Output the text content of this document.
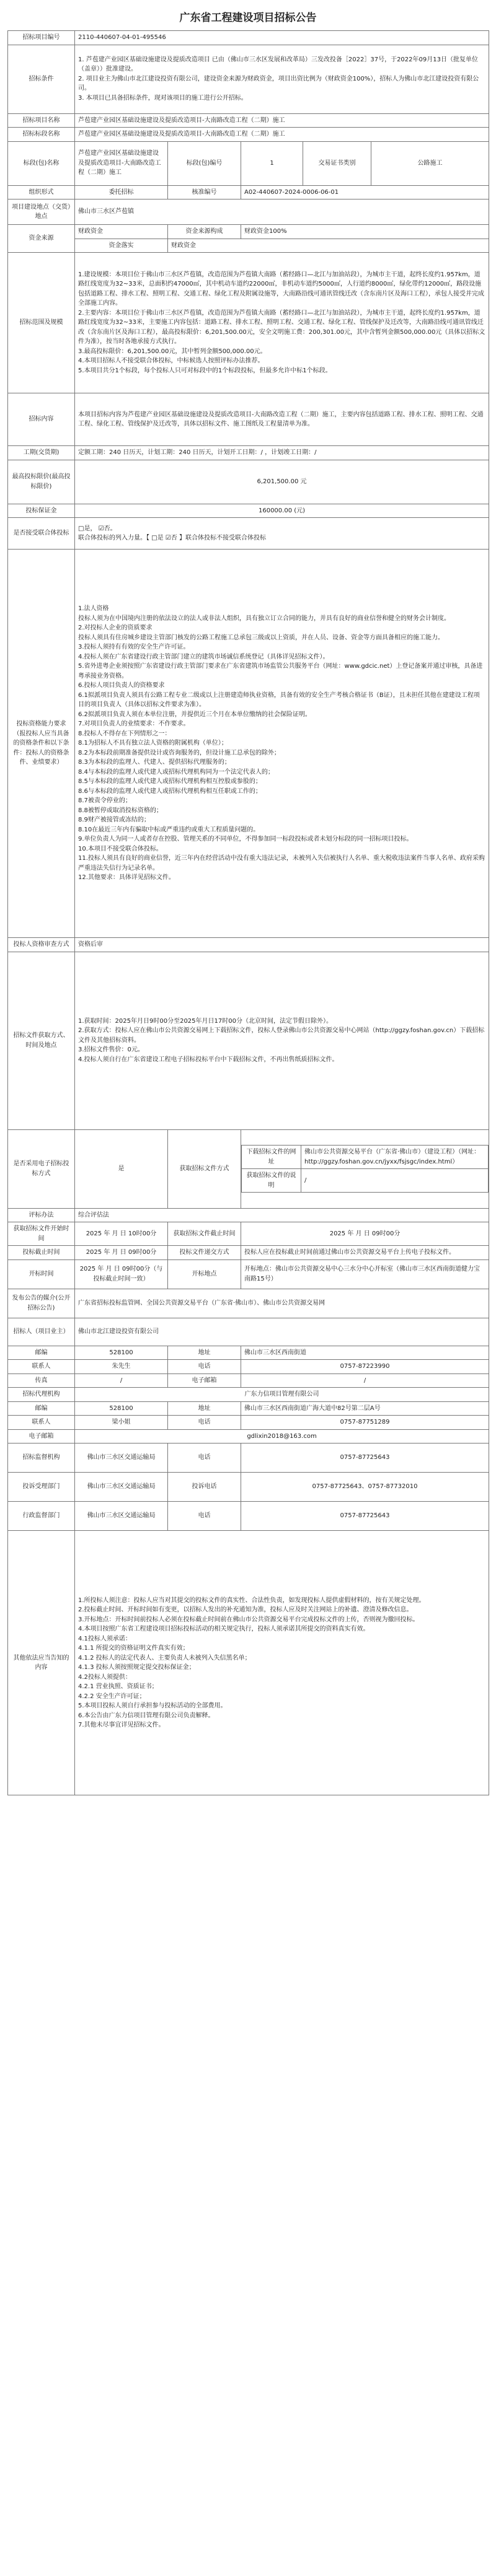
广东省工程建设项目招标公告
招标项目编号	2110-440607-04-01-495546
招标条件	1. 芦苞建产业园区基础设施建设及提质改造项目 已由（佛山市三水区发展和改革局）三发改投备［2022］37号，于2022年09月13日（批复单位（盖章））批准建设。
2. 项目业主为佛山市北江建设投资有限公司，建设资金来源为财政资金，项目出资比例为（财政资金100%），招标人为佛山市北江建设投资有限公司。
3. 本项目已具备招标条件，现对该项目的施工进行公开招标。
招标项目名称	芦苞建产业园区基础设施建设及提质改造项目-大南路改造工程（二期）施工
招标标段名称	芦苞建产业园区基础设施建设及提质改造项目-大南路改造工程（二期）施工
标段(包)名称	芦苞建产业园区基础设施建设及提质改造项目-大南路改造工程（二期）施工	标段(包)编号	1	交易证书类别	公路施工
组织形式	委托招标	核准编号	A02-440607-2024-0006-06-01
项目建设地点（交货）地点	佛山市三水区芦苞镇
资金来源	财政资金	资金来源构成	财政资金100%
资金落实	财政资金
招标范围及规模	

1.建设规模：本项目位于佛山市三水区芦苞镇，改造范围为芦苞镇大南路（蓄经路口—北江与加油站段），为城市主干道，起终长度约1.957km，道路红线宽度为32~33米，总面积约47000㎡，其中机动车道约22000㎡，非机动车道约5000㎡，人行道约8000㎡，绿化带约12000㎡，路段设施包括道路工程、排水工程、照明工程、交通工程、绿化工程及附属设施等，大南路沿线可通讯管线迁改（含东南片区及海口工程），承包人接受并完成全部施工内容。

2.主要内容：本项目位于佛山市三水区芦苞镇，改造范围为芦苞镇大南路（蓄经路口—北江与加油站段），为城市主干道，起终长度约1.957km，道路红线宽度为32~33米，主要施工内容包括：道路工程、排水工程、照明工程、交通工程、绿化工程、管线保护及迁改等，大南路沿线可通讯管线迁改（含东南片区及海口工程），最高投标限价：6,201,500.00元，安全文明施工费：200,301.00元，其中含暂列金额500,000.00元（具体以招标文件为准），按当时各地承接方式执行。

3.最高投标限价：6,201,500.00元，其中暂列金额500,000.00元。

4.本项目招标人不接受联合体投标，中标候选人按照评标办法推荐。

5.本项目共分1个标段，每个投标人只可对标段中的1个标段投标，但最多允许中标1个标段。

招标内容	本项目招标内容为芦苞建产业园区基础设施建设及提质改造项目-大南路改造工程（二期）施工，主要内容包括道路工程、排水工程、照明工程、交通工程、绿化工程、管线保护及迁改等，具体以招标文件、施工图纸及工程量清单为准。
工期(交货期)	定额工期：240 日历天，计划工期：240 日历天，计划开工日期：/ ，计划竣工日期：/
最高投标限价(最高投标限价)	6,201,500.00 元
投标保证金	160000.00 (元)
是否接受联合体投标	□是， ☑否。
联合体投标的列入力量。【 □是 ☑否 】联合体投标不接受联合体投标

投标资格能力要求（报投标人应当具备的资格条件和以下条件：投标人的资格条件、业绩要求）	

1.法人资格

投标人须为在中国境内注册的依法设立的法人或非法人组织，具有独立订立合同的能力，并具有良好的商业信誉和健全的财务会计制度。

2.对投标人企业的资质要求

投标人须具有住房城乡建设主管部门核发的公路工程施工总承包三级或以上资质，并在人员、设备、资金等方面具备相应的施工能力。

3.投标人须持有有效的安全生产许可证。

4.投标人须在广东省建设行政主管部门建立的建筑市场诚信系统登记（具体详见招标文件）。

5.省外进粤企业须按照广东省建设行政主管部门要求在广东省建筑市场监管公共服务平台（网址：www.gdcic.net）上登记备案并通过审核，具备进粤承接业务资格。

6.投标人项目负责人的资格要求

6.1拟派项目负责人须具有公路工程专业二级或以上注册建造师执业资格，具备有效的安全生产考核合格证书（B证），且未担任其他在建建设工程项目的项目负责人（具体以招标文件要求为准）。

6.2拟派项目负责人须在本单位注册，并提供近三个月在本单位缴纳的社会保险证明。

7.对项目负责人的业绩要求：不作要求。

8.投标人不得存在下列情形之一：

8.1为招标人不具有独立法人资格的附属机构（单位）；

8.2为本标段前期准备提供设计或咨询服务的，但设计施工总承包的除外；

8.3为本标段的监理人、代建人、提供招标代理服务的；

8.4与本标段的监理人或代建人或招标代理机构同为一个法定代表人的；

8.5与本标段的监理人或代建人或招标代理机构相互控股或参股的；

8.6与本标段的监理人或代建人或招标代理机构相互任职或工作的；

8.7被责令停业的；

8.8被暂停或取消投标资格的；

8.9财产被接管或冻结的；

8.10在最近三年内有骗取中标或严重违约或重大工程质量问题的。

9.单位负责人为同一人或者存在控股、管理关系的不同单位，不得参加同一标段投标或者未划分标段的同一招标项目投标。

10.本项目不接受联合体投标。

11.投标人须具有良好的商业信誉，近三年内在经营活动中没有重大违法记录，未被列入失信被执行人名单、重大税收违法案件当事人名单、政府采购严重违法失信行为记录名单。

12.其他要求：具体详见招标文件。

投标人资格审查方式	资格后审
招标文件获取方式、时间及地点	1.获取时间：2025年月日9时00分至2025年月日17时00分（北京时间，法定节假日除外）。
2.获取方式：投标人应在佛山市公共资源交易网上下载招标文件，投标人登录佛山市公共资源交易中心网站（http://ggzy.foshan.gov.cn）下载招标文件及其他招标资料。
3.招标文件售价：0元。
4.投标人须自行在广东省建设工程电子招标投标平台中下载招标文件，不再出售纸质招标文件。
是否采用电子招标投标方式	是	获取招标文件方式	
下载招标文件的网址	佛山市公共资源交易平台（广东省·佛山市）（建设工程）（网址：http://ggzy.foshan.gov.cn/jyxx/fsjsgc/index.html）
获取招标文件的说明	/

评标办法	综合评估法
获取招标文件开始时间	2025 年 月 日 10时00分	获取招标文件截止时间	2025 年 月 日 09时00分
投标截止时间	2025 年 月 日 09时00分	投标文件递交方式	投标人应在投标截止时间前通过佛山市公共资源交易平台上传电子投标文件。
开标时间	2025 年 月 日 09时00分（与投标截止时间一致）	开标地点	开标地点：佛山市公共资源交易中心三水分中心开标室（佛山市三水区西南街道健力宝南路15号）
发布公告的媒介(公开招标公告)	广东省招标投标监管网、全国公共资源交易平台（广东省·佛山市）、佛山市公共资源交易网
招标人（项目业主）	佛山市北江建设投资有限公司
邮编	528100	地址	佛山市三水区西南街道
联系人	朱先生	电话	0757-87223990
传真	/	电子邮箱	/
招标代理机构	广东力信项目管理有限公司
邮编	528100	地址	佛山市三水区西南街道广海大道中82号第二层A号
联系人	梁小姐	电话	0757-87751289
电子邮箱	gdlixin2018@163.com
招标监督机构	佛山市三水区交通运输局	电话	0757-87725643
投诉受理部门	佛山市三水区交通运输局	投诉电话	0757-87725643、0757-87732010
行政监督部门	佛山市三水区交通运输局	电话	0757-87725643
其他依法应当告知的内容	

1.所投标人须注意：投标人应当对其提交的投标文件的真实性、合法性负责，如发现投标人提供虚假材料的，按有关规定处理。

2.投标截止时间、开标时间如有变更，以招标人发出的补充通知为准，投标人应及时关注网站上的补遗、澄清及修改信息。

3.开标地点：开标时间前投标人必须在投标截止时间前在佛山市公共资源交易平台完成投标文件的上传，否则视为撤回投标。

4.本项目按照广东省工程建设项目招标投标活动的相关规定执行，投标人须承诺其所提交的资料真实有效。

4.1投标人须承诺：

4.1.1 所提交的资格证明文件真实有效；

4.1.2 投标人的法定代表人、主要负责人未被列入失信黑名单；

4.1.3 投标人须按照规定提交投标保证金；

4.2投标人须提供：

4.2.1 营业执照、资质证书；

4.2.2 安全生产许可证；

5.本项目投标人须自行承担参与投标活动的全部费用。

6.本公告由广东力信项目管理有限公司负责解释。

7.其他未尽事宜详见招标文件。
